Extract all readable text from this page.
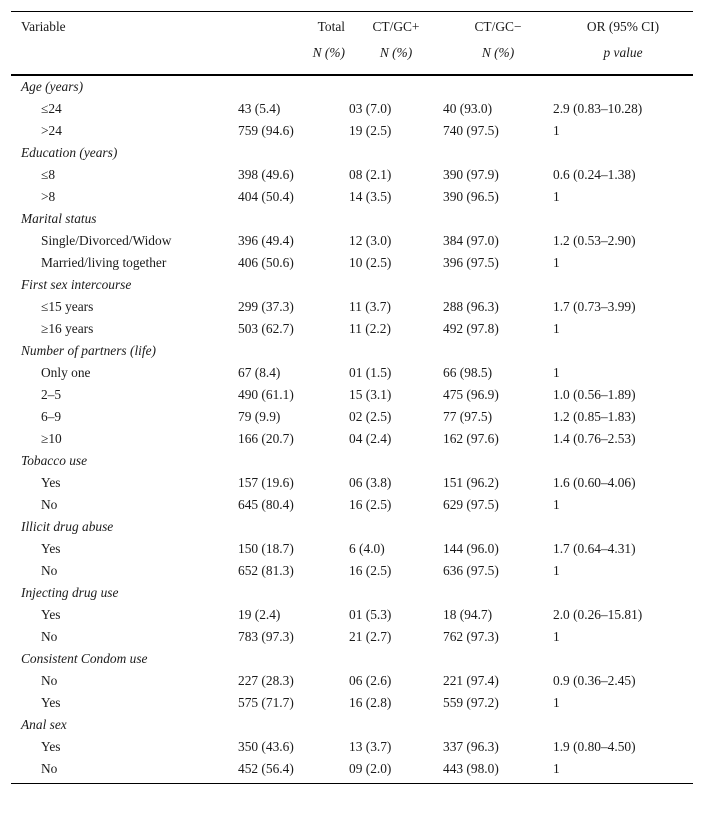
Variable	Total	CT/GC+	CT/GC−	OR (95% CI)
	N (%)	N (%)	N (%)	p value
Age (years)				
≤24	43 (5.4)	03 (7.0)	40 (93.0)	2.9 (0.83–10.28)
>24	759 (94.6)	19 (2.5)	740 (97.5)	1
Education (years)				
≤8	398 (49.6)	08 (2.1)	390 (97.9)	0.6 (0.24–1.38)
>8	404 (50.4)	14 (3.5)	390 (96.5)	1
Marital status				
Single/Divorced/Widow	396 (49.4)	12 (3.0)	384 (97.0)	1.2 (0.53–2.90)
Married/living together	406 (50.6)	10 (2.5)	396 (97.5)	1
First sex intercourse				
≤15 years	299 (37.3)	11 (3.7)	288 (96.3)	1.7 (0.73–3.99)
≥16 years	503 (62.7)	11 (2.2)	492 (97.8)	1
Number of partners (life)				
Only one	67 (8.4)	01 (1.5)	66 (98.5)	1
2–5	490 (61.1)	15 (3.1)	475 (96.9)	1.0 (0.56–1.89)
6–9	79 (9.9)	02 (2.5)	77 (97.5)	1.2 (0.85–1.83)
≥10	166 (20.7)	04 (2.4)	162 (97.6)	1.4 (0.76–2.53)
Tobacco use				
Yes	157 (19.6)	06 (3.8)	151 (96.2)	1.6 (0.60–4.06)
No	645 (80.4)	16 (2.5)	629 (97.5)	1
Illicit drug abuse				
Yes	150 (18.7)	6 (4.0)	144 (96.0)	1.7 (0.64–4.31)
No	652 (81.3)	16 (2.5)	636 (97.5)	1
Injecting drug use				
Yes	19 (2.4)	01 (5.3)	18 (94.7)	2.0 (0.26–15.81)
No	783 (97.3)	21 (2.7)	762 (97.3)	1
Consistent Condom use				
No	227 (28.3)	06 (2.6)	221 (97.4)	0.9 (0.36–2.45)
Yes	575 (71.7)	16 (2.8)	559 (97.2)	1
Anal sex				
Yes	350 (43.6)	13 (3.7)	337 (96.3)	1.9 (0.80–4.50)
No	452 (56.4)	09 (2.0)	443 (98.0)	1
